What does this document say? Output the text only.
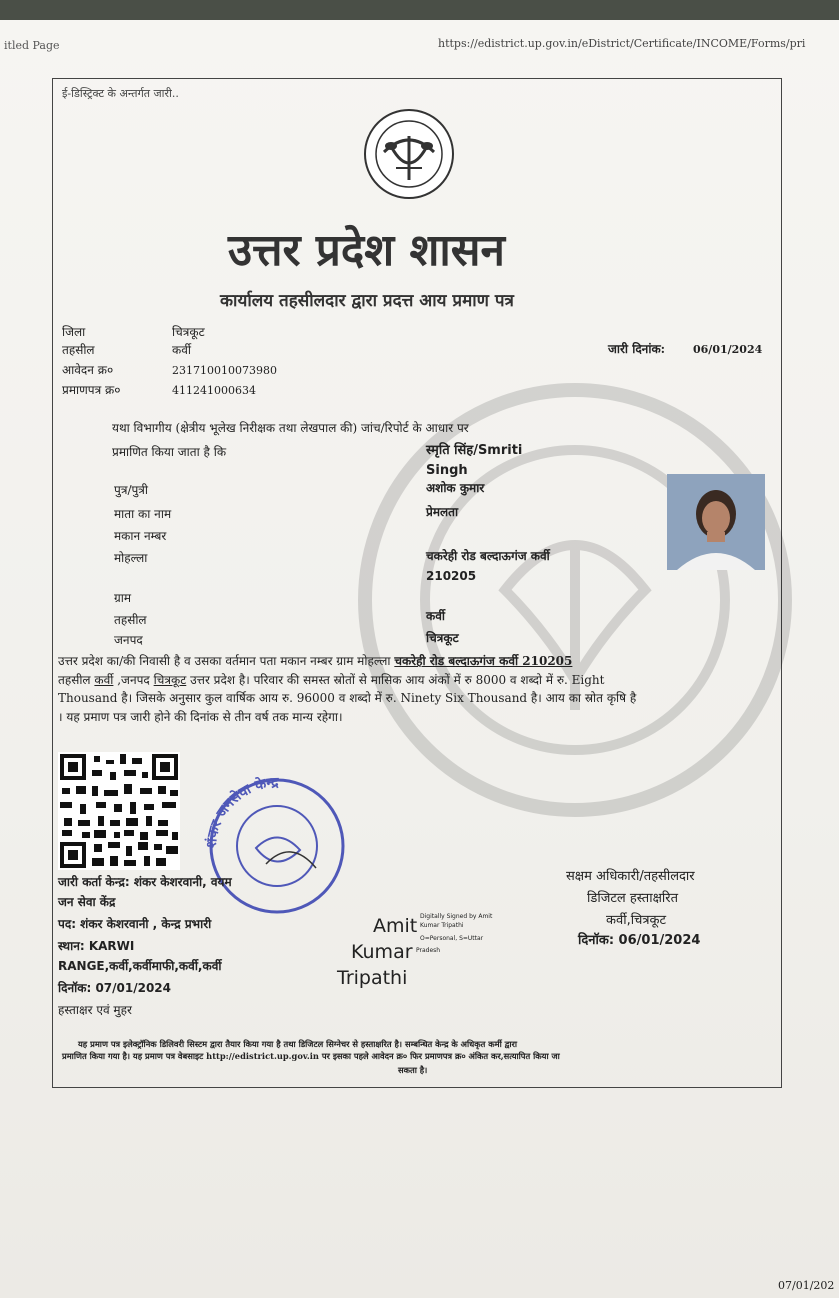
itled Page	https://edistrict.up.gov.in/eDistrict/Certificate/INCOME/Forms/pri
ई-डिस्ट्रिक्ट के अन्तर्गत जारी..
उत्तर प्रदेश शासन
कार्यालय तहसीलदार द्वारा प्रदत्त आय प्रमाण पत्र
जिला	चित्रकूट
तहसील	कर्वी
आवेदन क्र०	231710010073980
प्रमाणपत्र क्र०	411241000634
जारी दिनांक:	06/01/2024
यथा विभागीय (क्षेत्रीय भूलेख निरीक्षक तथा लेखपाल की) जांच/रिपोर्ट के आधार पर
प्रमाणित किया जाता है कि	स्मृति सिंह/Smriti
Singh
पुत्र/पुत्री	अशोक कुमार
माता का नाम	प्रेमलता
मकान नम्बर
मोहल्ला	चकरेही रोड बल्दाऊगंज कर्वी
210205
ग्राम
तहसील	कर्वी
जनपद	चित्रकूट
उत्तर प्रदेश का/की निवासी है व उसका वर्तमान पता मकान नम्बर ग्राम मोहल्ला चकरेही रोड बल्दाऊगंज कर्वी 210205
तहसील कर्वी ,जनपद चित्रकूट उत्तर प्रदेश है। परिवार की समस्त स्रोतों से मासिक आय अंकों में रु 8000 व शब्दो में रु. Eight
Thousand है। जिसके अनुसार कुल वार्षिक आय रु. 96000 व शब्दो में रु. Ninety Six Thousand है। आय का स्रोत कृषि है
। यह प्रमाण पत्र जारी होने की दिनांक से तीन वर्ष तक मान्य रहेगा।
शंकर जनसेवा केन्द्र
जारी कर्ता केन्द्र: शंकर केशरवानी, वयम
जन सेवा केंद्र
पद: शंकर केशरवानी , केन्द्र प्रभारी
स्थान: KARWI
RANGE,कर्वी,कर्वीमाफी,कर्वी,कर्वी
दिनॉक: 07/01/2024
हस्ताक्षर एवं मुहर
Amit
Kumar
Tripathi
Digitally Signed by Amit
Kumar Tripathi
O=Personal, S=Uttar
Pradesh
सक्षम अधिकारी/तहसीलदार
डिजिटल हस्ताक्षरित
कर्वी,चित्रकूट
दिनॉक: 06/01/2024
यह प्रमाण पत्र इलेक्ट्रॉनिक डिलिवरी सिस्टम द्वारा तैयार किया गया है तथा डिजिटल सिग्नेचर से हस्ताक्षरित है। सम्बन्धित केन्द्र के अधिकृत कर्मी द्वारा
प्रमाणित किया गया है। यह प्रमाण पत्र वेबसाइट http://edistrict.up.gov.in पर इसका पहले आवेदन क्र० फिर प्रमाणपत्र क्र० अंकित कर,सत्यापित किया जा
सकता है।
07/01/202
